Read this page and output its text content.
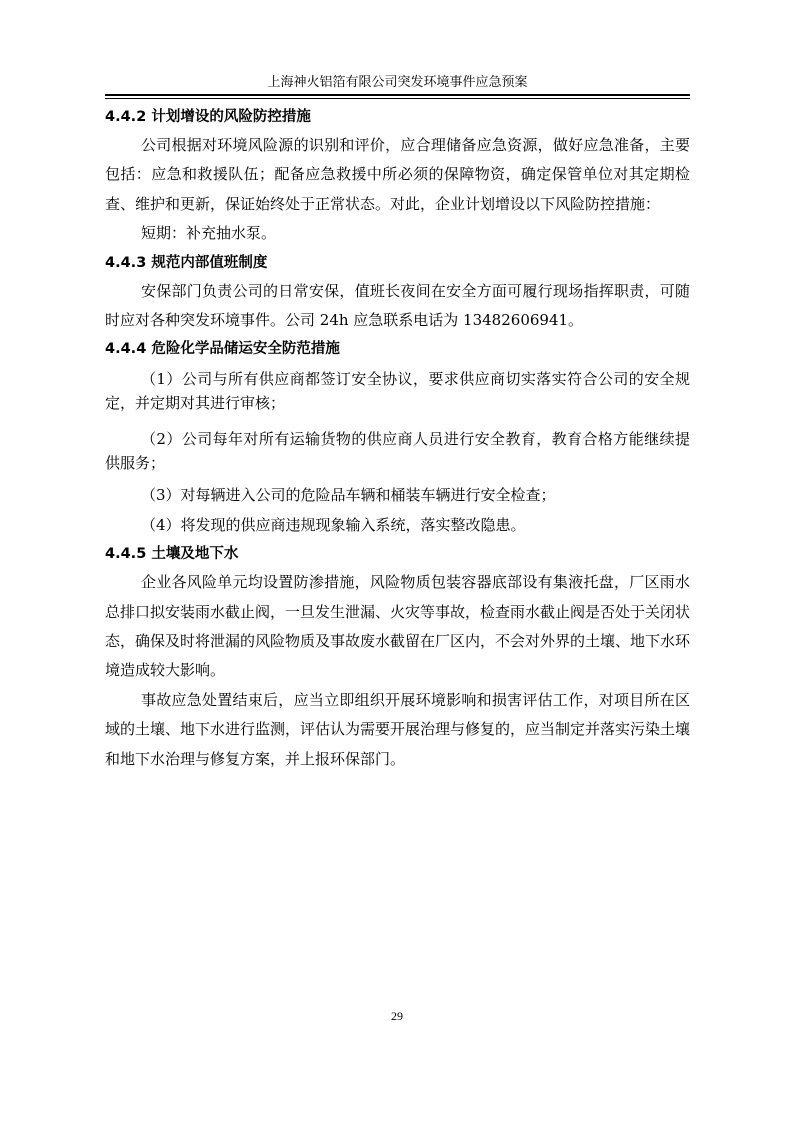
上海神火铝箔有限公司突发环境事件应急预案
4.4.2 计划增设的风险防控措施

公司根据对环境风险源的识别和评价，应合理储备应急资源，做好应急准备，主要包括：应急和救援队伍；配备应急救援中所必须的保障物资，确定保管单位对其定期检查、维护和更新，保证始终处于正常状态。对此，企业计划增设以下风险防控措施：

短期：补充抽水泵。

4.4.3 规范内部值班制度

安保部门负责公司的日常安保，值班长夜间在安全方面可履行现场指挥职责，可随时应对各种突发环境事件。公司 24h 应急联系电话为 13482606941。

4.4.4 危险化学品储运安全防范措施

（1）公司与所有供应商都签订安全协议，要求供应商切实落实符合公司的安全规定，并定期对其进行审核；

（2）公司每年对所有运输货物的供应商人员进行安全教育，教育合格方能继续提供服务；

（3）对每辆进入公司的危险品车辆和桶装车辆进行安全检查；

（4）将发现的供应商违规现象输入系统，落实整改隐患。

4.4.5 土壤及地下水

企业各风险单元均设置防渗措施，风险物质包装容器底部设有集液托盘，厂区雨水总排口拟安装雨水截止阀，一旦发生泄漏、火灾等事故，检查雨水截止阀是否处于关闭状态，确保及时将泄漏的风险物质及事故废水截留在厂区内，不会对外界的土壤、地下水环境造成较大影响。

事故应急处置结束后，应当立即组织开展环境影响和损害评估工作，对项目所在区域的土壤、地下水进行监测，评估认为需要开展治理与修复的，应当制定并落实污染土壤和地下水治理与修复方案，并上报环保部门。

29
